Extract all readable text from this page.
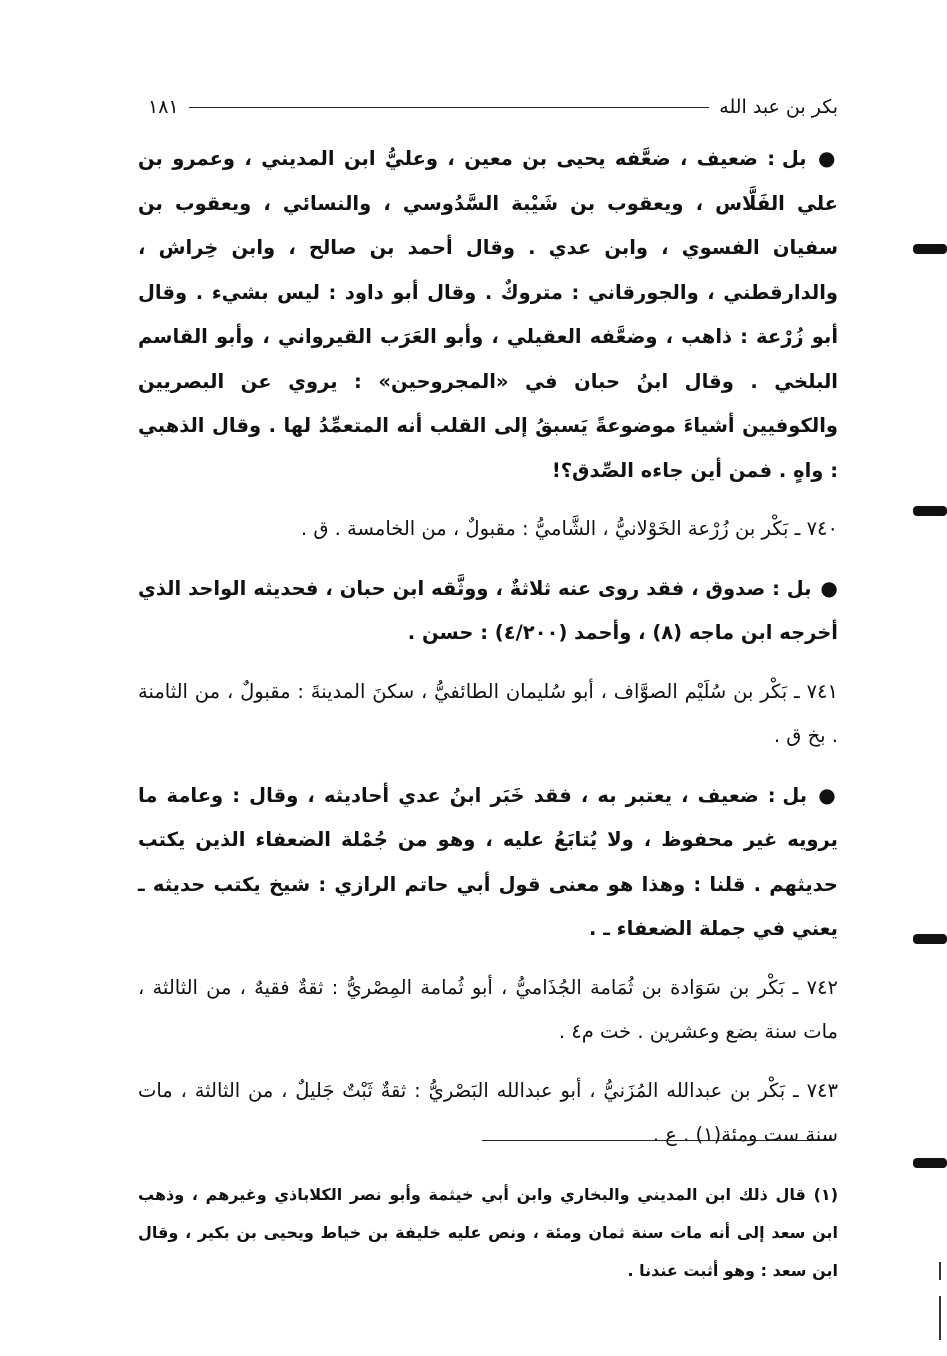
بكر بن عبد الله
١٨١

● بل : ضعيف ، ضعَّفه يحيى بن معين ، وعليُّ ابن المديني ، وعمرو بن علي الفَلَّاس ، ويعقوب بن شَيْبة السَّدُوسي ، والنسائي ، ويعقوب بن سفيان الفسوي ، وابن عدي . وقال أحمد بن صالح ، وابن خِراش ، والدارقطني ، والجورقاني : متروكٌ . وقال أبو داود : ليس بشيء . وقال أبو زُرْعة : ذاهب ، وضعَّفه العقيلي ، وأبو العَرَب القيرواني ، وأبو القاسم البلخي . وقال ابنُ حبان في «المجروحين» : يروي عن البصريين والكوفيين أشياءَ موضوعةً يَسبقُ إلى القلب أنه المتعمِّدُ لها . وقال الذهبي : واهٍ . فمن أين جاءه الصِّدق؟!

٧٤٠ ـ بَكْر بن زُرْعة الخَوْلانيُّ ، الشَّاميُّ : مقبولٌ ، من الخامسة . ق .

● بل : صدوق ، فقد روى عنه ثلاثةٌ ، ووثَّقه ابن حبان ، فحديثه الواحد الذي أخرجه ابن ماجه (٨) ، وأحمد (٤/٢٠٠) : حسن .

٧٤١ ـ بَكْر بن سُلَيْم الصوَّاف ، أبو سُليمان الطائفيُّ ، سكنَ المدينةَ : مقبولٌ ، من الثامنة . بخ ق .

● بل : ضعيف ، يعتبر به ، فقد خَبَر ابنُ عدي أحاديثه ، وقال : وعامة ما يرويه غير محفوظ ، ولا يُتابَعُ عليه ، وهو من جُمْلة الضعفاء الذين يكتب حديثهم . قلنا : وهذا هو معنى قول أبي حاتم الرازي : شيخ يكتب حديثه ـ يعني في جملة الضعفاء ـ .

٧٤٢ ـ بَكْر بن سَوَادة بن ثُمَامة الجُذَاميُّ ، أبو ثُمامة المِصْريُّ : ثقةٌ فقيهٌ ، من الثالثة ، مات سنة بضع وعشرين . خت م٤ .

٧٤٣ ـ بَكْر بن عبدالله المُزَنيُّ ، أبو عبدالله البَصْريُّ : ثقةٌ ثَبْتٌ جَليلٌ ، من الثالثة ، مات سنة ست ومئة(١) . ع .

(١) قال ذلك ابن المديني والبخاري وابن أبي خيثمة وأبو نصر الكلاباذي وغيرهم ، وذهب ابن سعد إلى أنه مات سنة ثمان ومئة ، ونص عليه خليفة بن خياط ويحيى بن بكير ، وقال ابن سعد : وهو أثبت عندنا .
